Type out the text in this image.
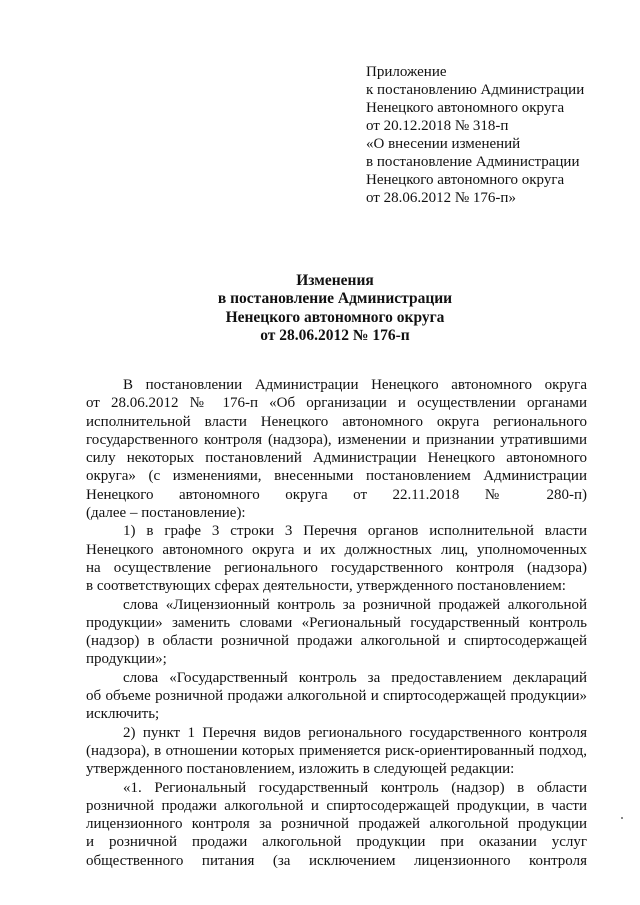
Приложение
к постановлению Администрации
Ненецкого автономного округа
от 20.12.2018 № 318-п
«О внесении изменений
в постановление Администрации
Ненецкого автономного округа
от 28.06.2012 № 176-п»
Изменения
в постановление Администрации
Ненецкого автономного округа
от 28.06.2012 № 176-п
В постановлении Администрации Ненецкого автономного округа
от 28.06.2012 № 176-п «Об организации и осуществлении органами
исполнительной власти Ненецкого автономного округа регионального
государственного контроля (надзора), изменении и признании утратившими
силу некоторых постановлений Администрации Ненецкого автономного
округа» (с изменениями, внесенными постановлением Администрации
Ненецкого автономного округа от 22.11.2018 № 280-п)
(далее – постановление):
1) в графе 3 строки 3 Перечня органов исполнительной власти
Ненецкого автономного округа и их должностных лиц, уполномоченных
на осуществление регионального государственного контроля (надзора)
в соответствующих сферах деятельности, утвержденного постановлением:
слова «Лицензионный контроль за розничной продажей алкогольной
продукции» заменить словами «Региональный государственный контроль
(надзор) в области розничной продажи алкогольной и спиртосодержащей
продукции»;
слова «Государственный контроль за предоставлением деклараций
об объеме розничной продажи алкогольной и спиртосодержащей продукции»
исключить;
2) пункт 1 Перечня видов регионального государственного контроля
(надзора), в отношении которых применяется риск-ориентированный подход,
утвержденного постановлением, изложить в следующей редакции:
«1. Региональный государственный контроль (надзор) в области
розничной продажи алкогольной и спиртосодержащей продукции, в части
лицензионного контроля за розничной продажей алкогольной продукции
и розничной продажи алкогольной продукции при оказании услуг
общественного питания (за исключением лицензионного контроля
